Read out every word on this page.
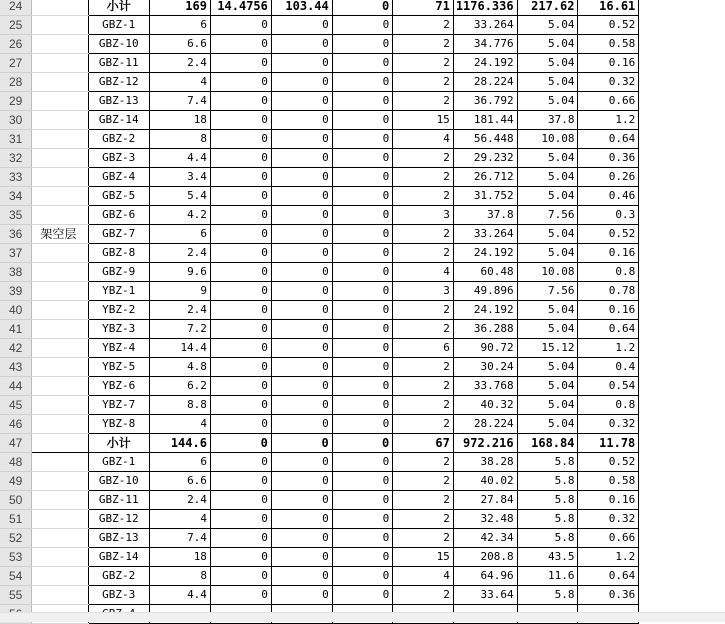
24		小计	169	14.4756	103.44	0	71	1176.336	217.62	16.61	
25		GBZ-1	6	0	0	0	2	33.264	5.04	0.52	
26		GBZ-10	6.6	0	0	0	2	34.776	5.04	0.58	
27		GBZ-11	2.4	0	0	0	2	24.192	5.04	0.16	
28		GBZ-12	4	0	0	0	2	28.224	5.04	0.32	
29		GBZ-13	7.4	0	0	0	2	36.792	5.04	0.66	
30		GBZ-14	18	0	0	0	15	181.44	37.8	1.2	
31		GBZ-2	8	0	0	0	4	56.448	10.08	0.64	
32		GBZ-3	4.4	0	0	0	2	29.232	5.04	0.36	
33		GBZ-4	3.4	0	0	0	2	26.712	5.04	0.26	
34		GBZ-5	5.4	0	0	0	2	31.752	5.04	0.46	
35		GBZ-6	4.2	0	0	0	3	37.8	7.56	0.3	
36	架空层	GBZ-7	6	0	0	0	2	33.264	5.04	0.52	
37		GBZ-8	2.4	0	0	0	2	24.192	5.04	0.16	
38		GBZ-9	9.6	0	0	0	4	60.48	10.08	0.8	
39		YBZ-1	9	0	0	0	3	49.896	7.56	0.78	
40		YBZ-2	2.4	0	0	0	2	24.192	5.04	0.16	
41		YBZ-3	7.2	0	0	0	2	36.288	5.04	0.64	
42		YBZ-4	14.4	0	0	0	6	90.72	15.12	1.2	
43		YBZ-5	4.8	0	0	0	2	30.24	5.04	0.4	
44		YBZ-6	6.2	0	0	0	2	33.768	5.04	0.54	
45		YBZ-7	8.8	0	0	0	2	40.32	5.04	0.8	
46		YBZ-8	4	0	0	0	2	28.224	5.04	0.32	
47		小计	144.6	0	0	0	67	972.216	168.84	11.78	
48		GBZ-1	6	0	0	0	2	38.28	5.8	0.52	
49		GBZ-10	6.6	0	0	0	2	40.02	5.8	0.58	
50		GBZ-11	2.4	0	0	0	2	27.84	5.8	0.16	
51		GBZ-12	4	0	0	0	2	32.48	5.8	0.32	
52		GBZ-13	7.4	0	0	0	2	42.34	5.8	0.66	
53		GBZ-14	18	0	0	0	15	208.8	43.5	1.2	
54		GBZ-2	8	0	0	0	4	64.96	11.6	0.64	
55		GBZ-3	4.4	0	0	0	2	33.64	5.8	0.36	
